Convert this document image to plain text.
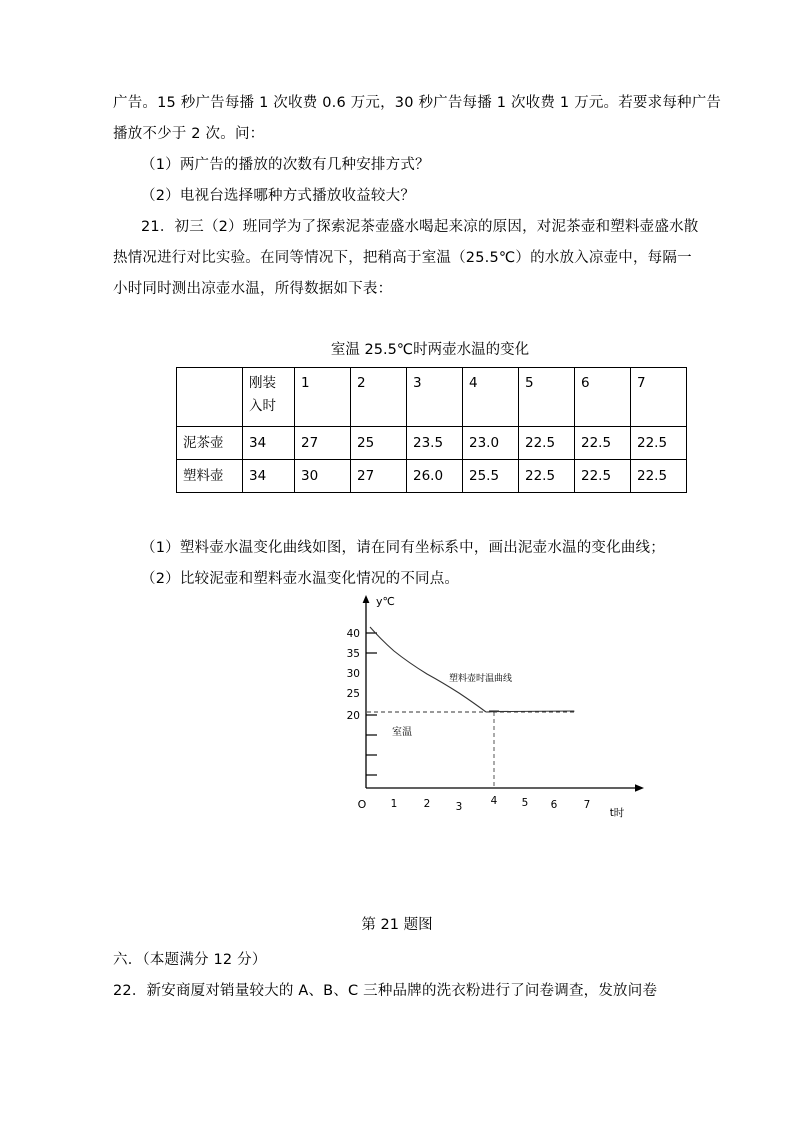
广告。15 秒广告每播 1 次收费 0.6 万元，30 秒广告每播 1 次收费 1 万元。若要求每种广告

播放不少于 2 次。问：

（1）两广告的播放的次数有几种安排方式？

（2）电视台选择哪种方式播放收益较大？

21．初三（2）班同学为了探索泥茶壶盛水喝起来凉的原因，对泥茶壶和塑料壶盛水散

热情况进行对比实验。在同等情况下，把稍高于室温（25.5℃）的水放入凉壶中，每隔一

小时同时测出凉壶水温，所得数据如下表：

室温 25.5℃时两壶水温的变化

	刚装
入时	1	2	3	4	5	6	7
泥茶壶	34	27	25	23.5	23.0	22.5	22.5	22.5
塑料壶	34	30	27	26.0	25.5	22.5	22.5	22.5

（1）塑料壶水温变化曲线如图，请在同有坐标系中，画出泥壶水温的变化曲线；

（2）比较泥壶和塑料壶水温变化情况的不同点。

40
35
30
25
20
y℃
O 1	2 3	4 5 6	7
t时
塑料壶时温曲线
室温
第 21 题图

六．（本题满分 12 分）

22．新安商厦对销量较大的 A、B、C 三种品牌的洗衣粉进行了问卷调查，发放问卷
